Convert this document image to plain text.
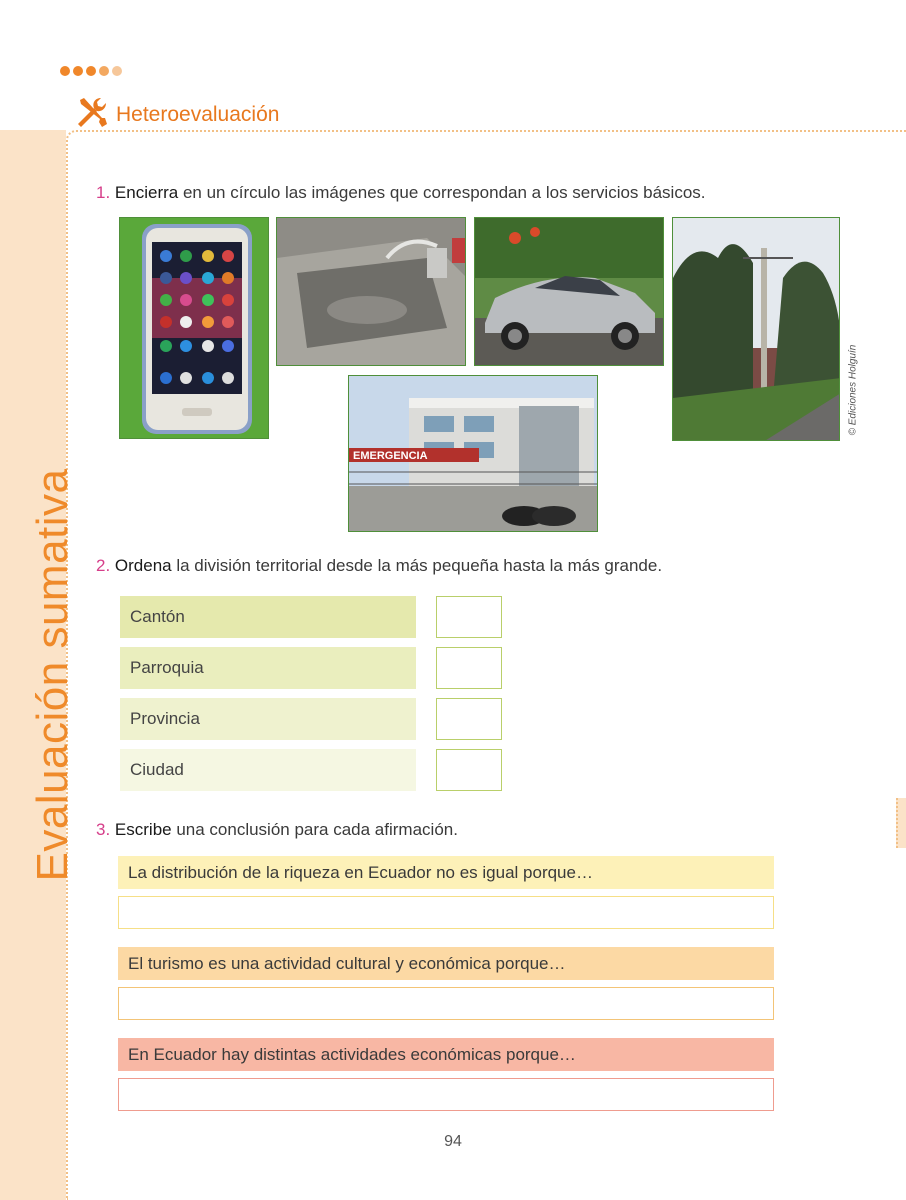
Heteroevaluación
Evaluación sumativa
1. Encierra en un círculo las imágenes que correspondan a los servicios básicos.
EMERGENCIA
© Ediciones Holguín
2. Ordena la división territorial desde la más pequeña hasta la más grande.
Cantón
Parroquia
Provincia
Ciudad
3. Escribe una conclusión para cada afirmación.
La distribución de la riqueza en Ecuador no es igual porque…
El turismo es una actividad cultural y económica porque…
En Ecuador hay distintas actividades económicas porque…
94
